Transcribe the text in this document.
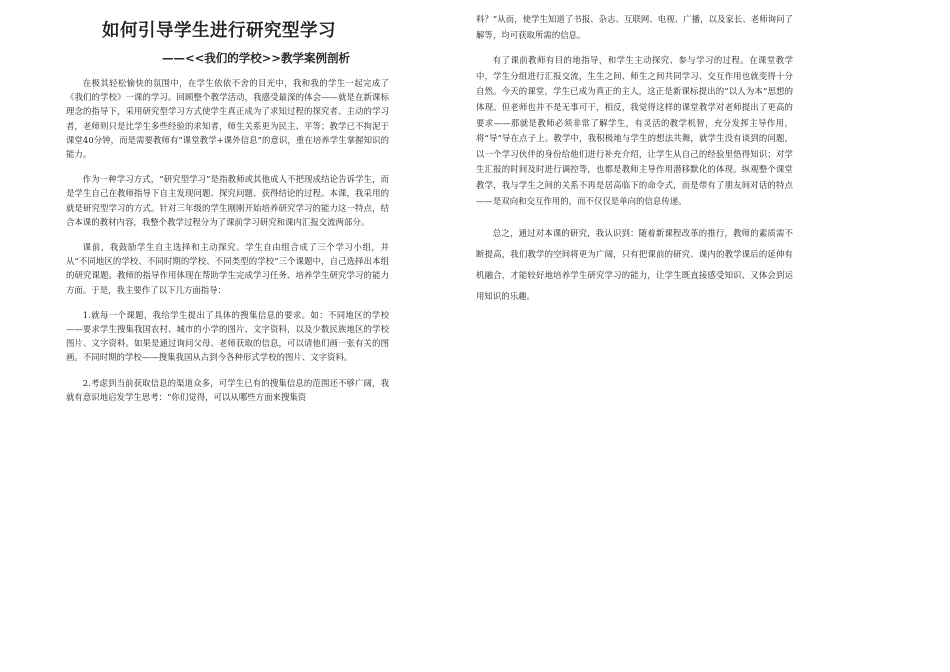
如何引导学生进行研究型学习
——<<我们的学校>>教学案例剖析

在极其轻松愉快的氛围中，在学生依依不舍的目光中，我和我的学生一起完成了《我们的学校》一课的学习。回顾整个教学活动，我感受最深的体会——就是在新课标理念的指导下，采用研究型学习方式使学生真正成为了求知过程的探究者、主动的学习者，老师则只是比学生多些经验的求知者，师生关系更为民主、平等；教学已不拘泥于课堂40分钟，而是需要教师有“课堂教学+课外信息”的意识，重在培养学生掌握知识的能力。

作为一种学习方式，“研究型学习”是指教师或其他成人不把现成结论告诉学生，而是学生自己在教师指导下自主发现问题、探究问题、获得结论的过程。本课，我采用的就是研究型学习的方式。针对三年级的学生刚刚开始培养研究学习的能力这一特点，结合本课的教材内容，我整个教学过程分为了课前学习研究和课内汇报交流两部分。

课前，我鼓励学生自主选择和主动探究。学生自由组合成了三个学习小组，并从“不同地区的学校、不同时期的学校、不同类型的学校”三个课题中，自己选择出本组的研究课题。教师的指导作用体现在帮助学生完成学习任务、培养学生研究学习的能力方面。于是，我主要作了以下几方面指导：

1.就每一个课题，我给学生提出了具体的搜集信息的要求。如：不同地区的学校——要求学生搜集我国农村、城市的小学的图片、文字资料，以及少数民族地区的学校图片、文字资料。如果是通过询问父母、老师获取的信息，可以请他们画一张有关的图画。不同时期的学校——搜集我国从古到今各种形式学校的图片、文字资料。

2.考虑到当前获取信息的渠道众多，可学生已有的搜集信息的范围还不够广阔，我就有意识地启发学生思考：“你们觉得，可以从哪些方面来搜集资

料？”从而，使学生知道了书报、杂志、互联网、电视、广播，以及家长、老师询问了解等，均可获取所需的信息。

有了课前教师有目的地指导，和学生主动探究、参与学习的过程。在课堂教学中，学生分组进行汇报交流，生生之间、师生之间共同学习、交互作用也就变得十分自然。今天的课堂，学生已成为真正的主人，这正是新课标提出的“以人为本”思想的体现。但老师也并不是无事可干，相反，我觉得这样的课堂教学对老师提出了更高的要求——那就是教师必须非常了解学生，有灵活的教学机智，充分发挥主导作用，将“导”导在点子上。教学中，我积极地与学生的想法共舞，就学生没有谈到的问题，以一个学习伙伴的身份给他们进行补充介绍，让学生从自己的经验里悟得知识；对学生汇报的时间及时进行调控等，也都是教师主导作用潜移默化的体现。纵观整个课堂教学，我与学生之间的关系不再是居高临下的命令式，而是带有了朋友间对话的特点——是双向和交互作用的，而不仅仅是单向的信息传递。

总之，通过对本课的研究，我认识到：随着新课程改革的推行，教师的素质需不断提高，我们教学的空间将更为广阔，只有把课前的研究、课内的教学课后的延伸有机融合，才能较好地培养学生研究学习的能力，让学生既直接感受知识、又体会到运用知识的乐趣。
